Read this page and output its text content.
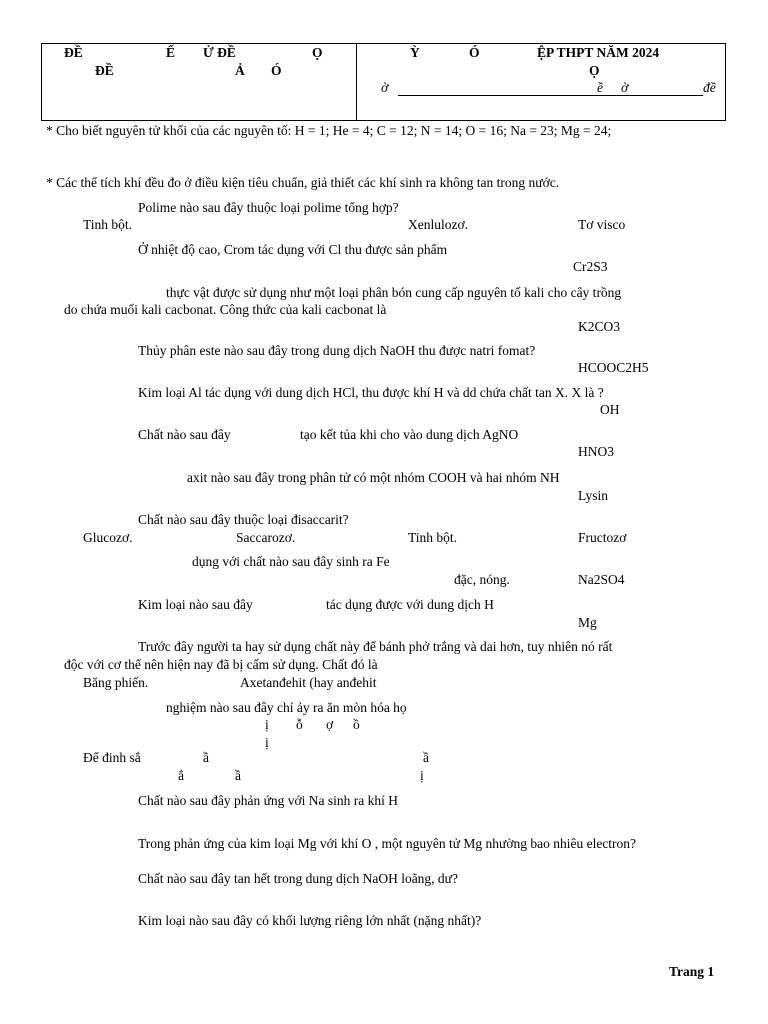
ĐỀ	Ế Ử ĐỀ	Ọ
ĐỀ	Ả Ó
Ỳ	Ó	ỆP THPT NĂM 2024
Ọ
ờ	ề ờ	đề
* Cho biết nguyên tử khối của các nguyên tố: H = 1; He = 4; C = 12; N = 14; O = 16; Na = 23; Mg = 24;
* Các thể tích khí đều đo ở điều kiện tiêu chuẩn, giả thiết các khí sinh ra không tan trong nước.
Polime nào sau đây thuộc loại polime tổng hợp?
Tinh bột.	Xenlulozơ.	Tơ visco
Ở nhiệt độ cao, Crom tác dụng với Cl thu được sản phẩm
Cr2S3
thực vật được sử dụng như một loại phân bón cung cấp nguyên tố kali cho cây trồng
do chứa muối kali cacbonat. Công thức của kali cacbonat là
K2CO3
Thủy phân este nào sau đây trong dung dịch NaOH thu được natri fomat?
HCOOC2H5
Kim loại Al tác dụng với dung dịch HCl, thu được khí H và dd chứa chất tan X. X là ?
OH
Chất nào sau đây	tạo kết tủa khi cho vào dung dịch AgNO
HNO3
axit nào sau đây trong phân tử có một nhóm COOH và hai nhóm NH
Lysin
Chất nào sau đây thuộc loại đisaccarit?
Glucozơ.	Saccarozơ.	Tinh bột.	Fructozơ
dụng với chất nào sau đây sinh ra Fe
đặc, nóng.	Na2SO4
Kim loại nào sau đây	tác dụng được với dung dịch H
Mg
Trước đây người ta hay sử dụng chất này để bánh phở trắng và dai hơn, tuy nhiên nó rất
độc với cơ thể nên hiện nay đã bị cấm sử dụng. Chất đó là
Băng phiến.	Axetanđehit (hay anđehit
nghiệm nào sau đây chỉ ảy ra ăn mòn hóa họ
ị ỗ ợ ồ
ị
Để đinh sắ	ầ	ầ
ắ	ầ	ị
Chất nào sau đây phản ứng với Na sinh ra khí H
Trong phản ứng của kim loại Mg với khí O , một nguyên tử Mg nhường bao nhiêu electron?
Chất nào sau đây tan hết trong dung dịch NaOH loãng, dư?
Kim loại nào sau đây có khối lượng riêng lớn nhất (nặng nhất)?
Trang 1
